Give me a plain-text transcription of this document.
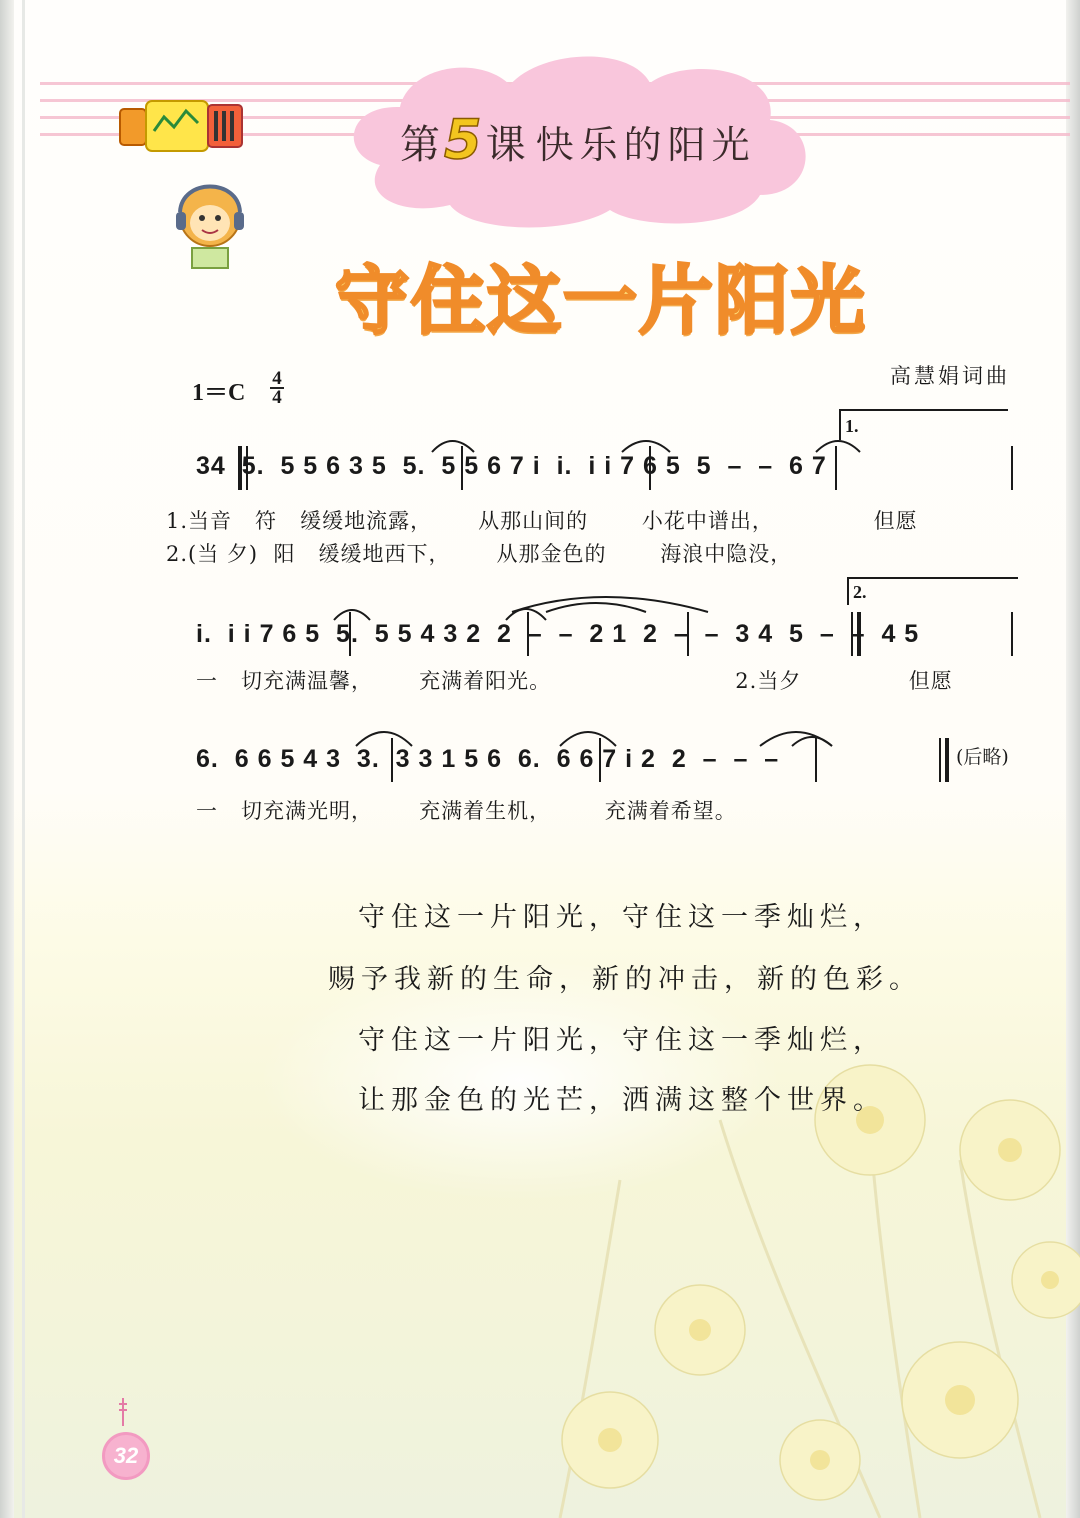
第5 课 快乐的阳光
守住这一片阳光
1＝C
4
4
高慧娟词曲
34  5.  5 5 6 3 5  5.  5 5 6 7 i  i.  i i 7 6 5  5  –  –  6 7
1.当音   符   缓缓地流露，      从那山间的       小花中谱出，             但愿
2.(当 夕)  阳   缓缓地西下，      从那金色的       海浪中隐没，
i.  i i 7 6 5  5.  5 5 4 3 2  2  –  –  2 1  2  –  –  3 4  5  –  –  4 5
一   切充满温馨，      充满着阳光。                        2.当夕              但愿
6.  6 6 5 4 3  3.  3 3 1 5 6  6.  6 6 7 i 2  2  –  –  –
一   切充满光明，      充满着生机，       充满着希望。
(后略)
1.
2.
守住这一片阳光，守住这一季灿烂，
赐予我新的生命，新的冲击，新的色彩。
守住这一片阳光，守住这一季灿烂，
让那金色的光芒，洒满这整个世界。
32
